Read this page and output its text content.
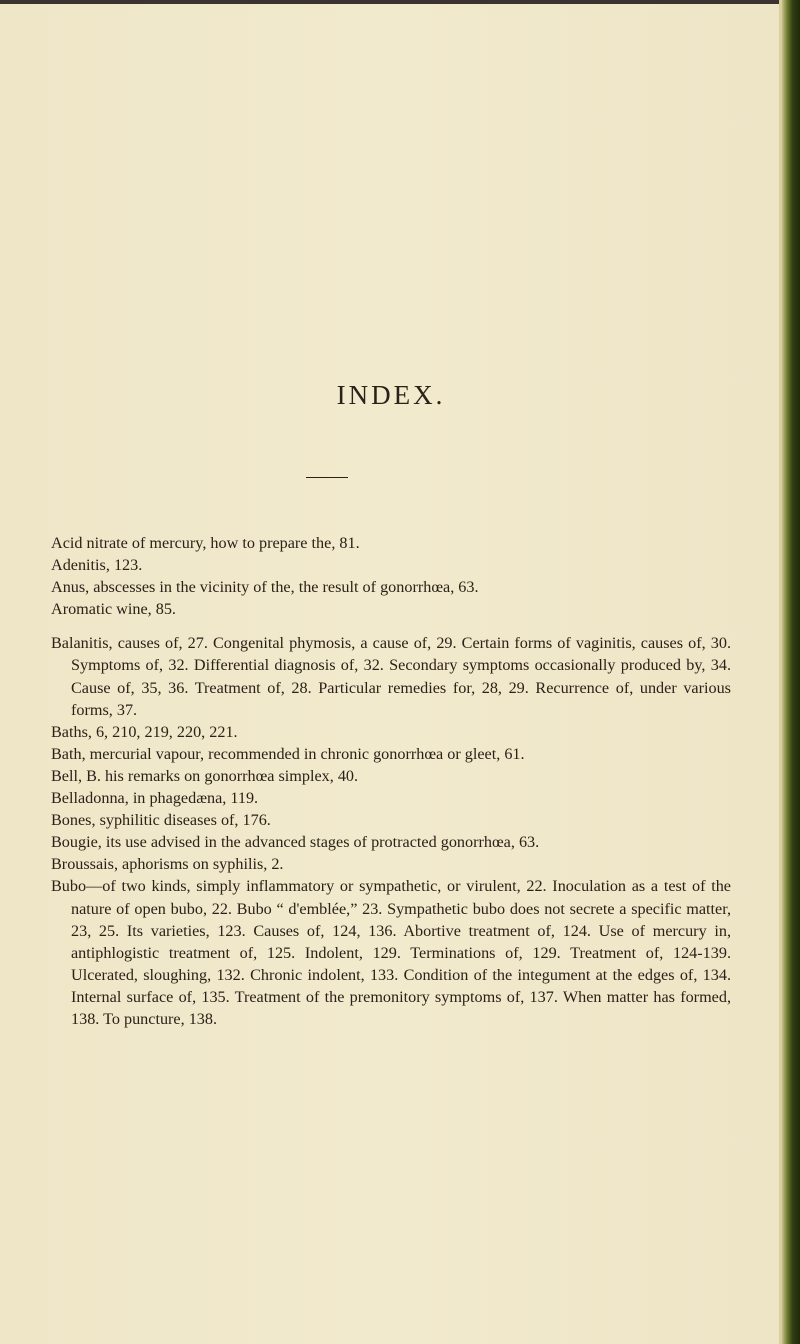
INDEX.

Acid nitrate of mercury, how to prepare the, 81.

Adenitis, 123.

Anus, abscesses in the vicinity of the, the result of gonorrhœa, 63.

Aromatic wine, 85.

Balanitis, causes of, 27. Congenital phymosis, a cause of, 29. Certain forms of vaginitis, causes of, 30. Symptoms of, 32. Differential diagnosis of, 32. Secondary symptoms occasionally produced by, 34. Cause of, 35, 36. Treatment of, 28. Particular remedies for, 28, 29. Recurrence of, under various forms, 37.

Baths, 6, 210, 219, 220, 221.

Bath, mercurial vapour, recommended in chronic gonorrhœa or gleet, 61.

Bell, B. his remarks on gonorrhœa simplex, 40.

Belladonna, in phagedæna, 119.

Bones, syphilitic diseases of, 176.

Bougie, its use advised in the advanced stages of protracted gonorrhœa, 63.

Broussais, aphorisms on syphilis, 2.

Bubo—of two kinds, simply inflammatory or sympathetic, or virulent, 22. Inoculation as a test of the nature of open bubo, 22. Bubo “ d'emblée,” 23. Sympathetic bubo does not secrete a specific matter, 23, 25. Its varieties, 123. Causes of, 124, 136. Abortive treatment of, 124. Use of mercury in, antiphlogistic treatment of, 125. Indolent, 129. Terminations of, 129. Treatment of, 124-139. Ulcerated, sloughing, 132. Chronic indolent, 133. Condition of the integument at the edges of, 134. Internal surface of, 135. Treatment of the premonitory symptoms of, 137. When matter has formed, 138. To puncture, 138.
